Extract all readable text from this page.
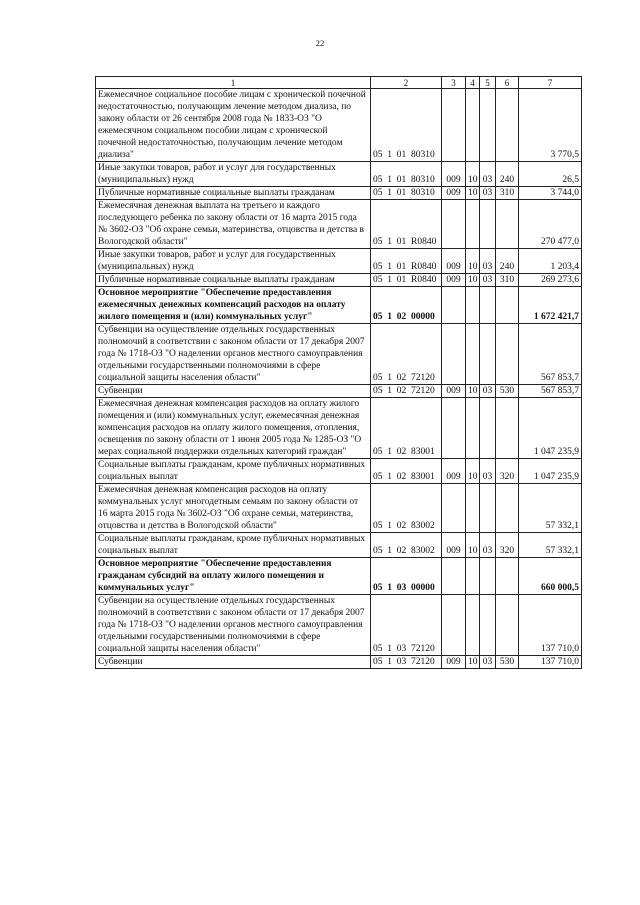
22
1	2	3	4	5	6	7
Ежемесячное социальное пособие лицам с хронической почечной недостаточностью, получающим лечение методом диализа, по закону области от 26 сентября 2008 года № 1833-ОЗ "О ежемесячном социальном пособии лицам с хронической почечной недостаточностью, получающим лечение методом диализа"	05  1  01  80310					3 770,5
Иные закупки товаров, работ и услуг для государственных (муниципальных) нужд	05  1  01  80310	009	10	03	240	26,5
Публичные нормативные социальные выплаты гражданам	05  1  01  80310	009	10	03	310	3 744,0
Ежемесячная денежная выплата на третьего и каждого последующего ребенка по закону области от 16 марта 2015 года № 3602-ОЗ "Об охране семьи, материнства, отцовства и детства в Вологодской области"	05  1  01  R0840					270 477,0
Иные закупки товаров, работ и услуг для государственных (муниципальных) нужд	05  1  01  R0840	009	10	03	240	1 203,4
Публичные нормативные социальные выплаты гражданам	05  1  01  R0840	009	10	03	310	269 273,6
Основное мероприятие "Обеспечение предоставления ежемесячных денежных компенсаций расходов на оплату жилого помещения и (или) коммунальных услуг"	05  1  02  00000					1 672 421,7
Субвенции на осуществление отдельных государственных полномочий в соответствии с законом области от 17 декабря 2007 года № 1718-ОЗ "О наделении органов местного самоуправления отдельными государственными полномочиями в сфере социальной защиты населения области"	05  1  02  72120					567 853,7
Субвенции	05  1  02  72120	009	10	03	530	567 853,7
Ежемесячная денежная компенсация расходов на оплату жилого помещения и (или) коммунальных услуг, ежемесячная денежная компенсация расходов на оплату жилого помещения, отопления, освещения по закону области от 1 июня 2005 года № 1285-ОЗ "О мерах социальной поддержки отдельных категорий граждан"	05  1  02  83001					1 047 235,9
Социальные выплаты гражданам, кроме публичных нормативных социальных выплат	05  1  02  83001	009	10	03	320	1 047 235,9
Ежемесячная денежная компенсация расходов на оплату коммунальных услуг многодетным семьям по закону области от 16 марта 2015 года № 3602-ОЗ "Об охране семьи, материнства, отцовства и детства в Вологодской области"	05  1  02  83002					57 332,1
Социальные выплаты гражданам, кроме публичных нормативных социальных выплат	05  1  02  83002	009	10	03	320	57 332,1
Основное мероприятие "Обеспечение предоставления гражданам субсидий на оплату жилого помещения и коммунальных услуг"	05  1  03  00000					660 000,5
Субвенции на осуществление отдельных государственных полномочий в соответствии с законом области от 17 декабря 2007 года № 1718-ОЗ "О наделении органов местного самоуправления отдельными государственными полномочиями в сфере социальной защиты населения области"	05  1  03  72120					137 710,0
Субвенции	05  1  03  72120	009	10	03	530	137 710,0
